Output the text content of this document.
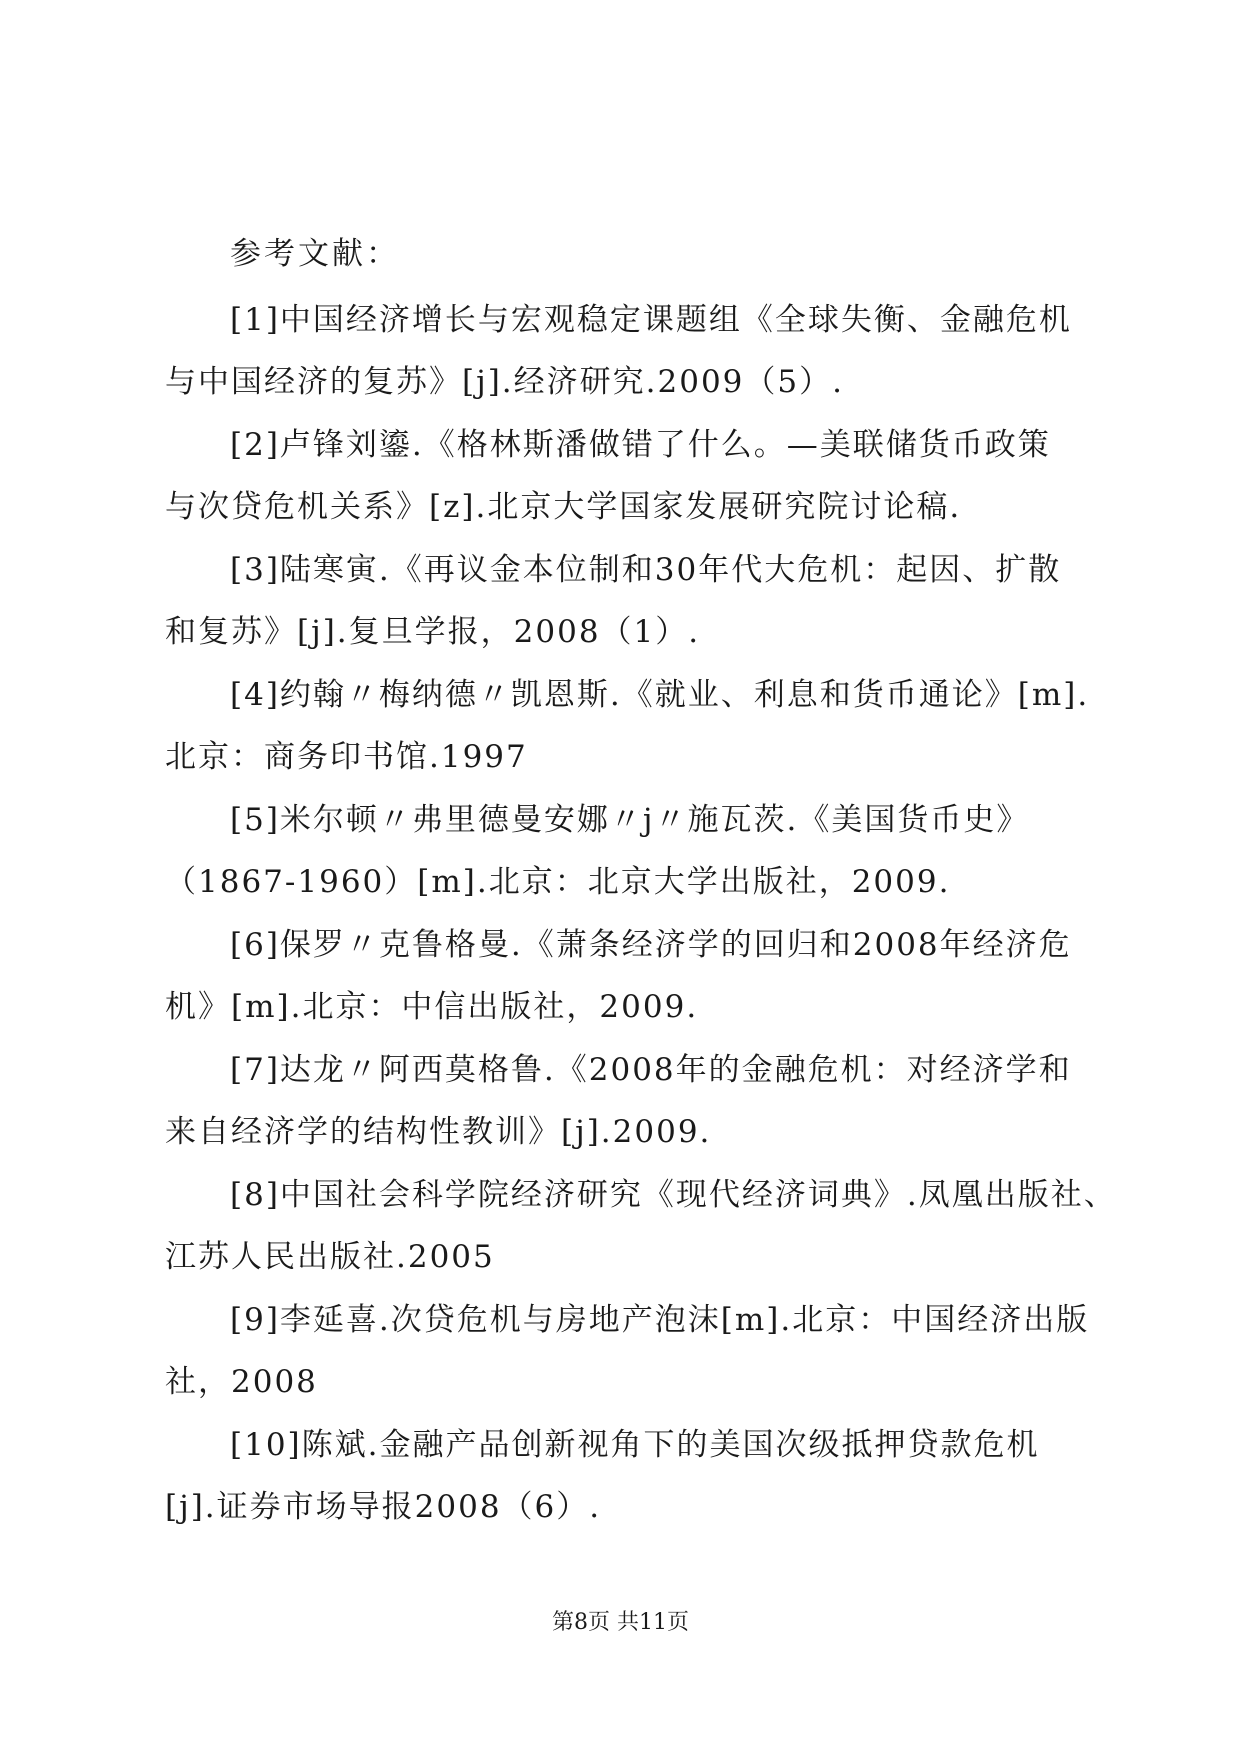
参考文献：
[1]中国经济增长与宏观稳定课题组《全球失衡、金融危机
与中国经济的复苏》[j].经济研究.2009（5）.
[2]卢锋刘鎏.《格林斯潘做错了什么。—美联储货币政策
与次贷危机关系》[z].北京大学国家发展研究院讨论稿.
[3]陆寒寅.《再议金本位制和30年代大危机：起因、扩散
和复苏》[j].复旦学报，2008（1）.
[4]约翰〃梅纳德〃凯恩斯.《就业、利息和货币通论》[m].
北京：商务印书馆.1997
[5]米尔顿〃弗里德曼安娜〃j〃施瓦茨.《美国货币史》
（1867-1960）[m].北京：北京大学出版社，2009.
[6]保罗〃克鲁格曼.《萧条经济学的回归和2008年经济危
机》[m].北京：中信出版社，2009.
[7]达龙〃阿西莫格鲁.《2008年的金融危机：对经济学和
来自经济学的结构性教训》[j].2009.
[8]中国社会科学院经济研究《现代经济词典》.凤凰出版社、
江苏人民出版社.2005
[9]李延喜.次贷危机与房地产泡沫[m].北京：中国经济出版
社，2008
[10]陈斌.金融产品创新视角下的美国次级抵押贷款危机
[j].证券市场导报2008（6）.
第8页 共11页
